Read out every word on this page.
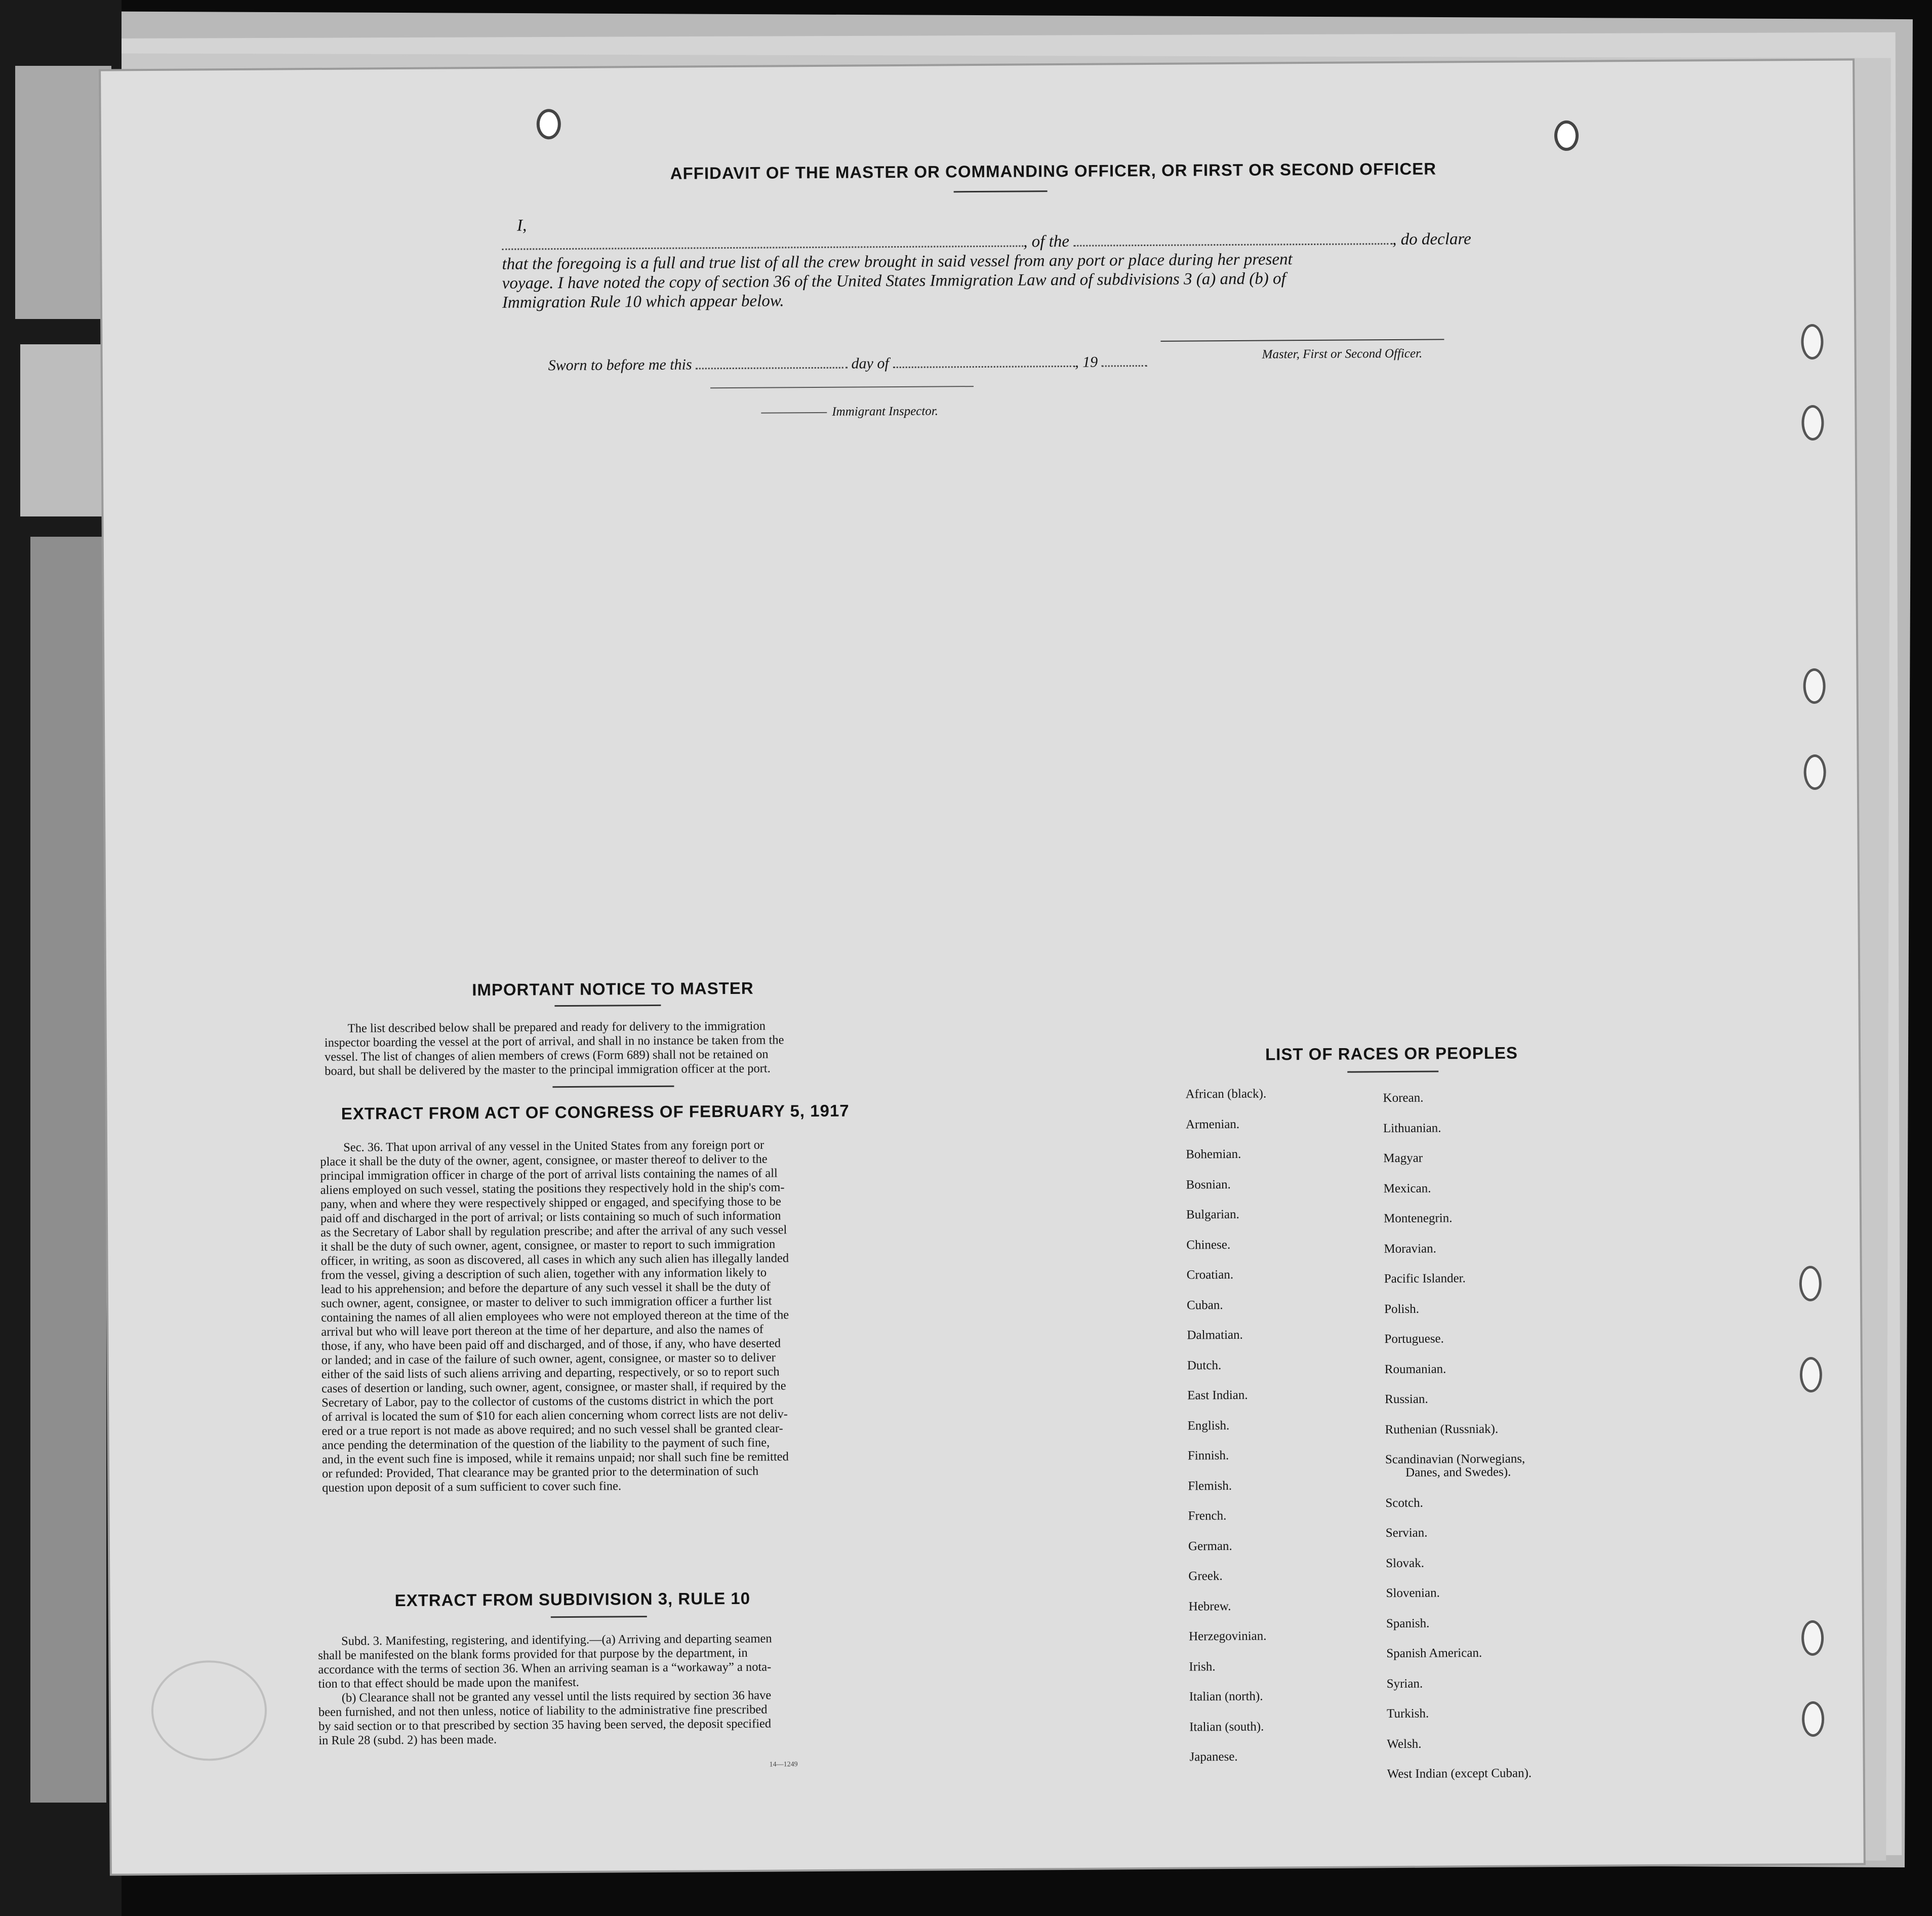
AFFIDAVIT OF THE MASTER OR COMMANDING OFFICER, OR FIRST OR SECOND OFFICER
I,
, of the	, do declare
that the foregoing is a full and true list of all the crew brought in said vessel from any port or place during her present
voyage. I have noted the copy of section 36 of the United States Immigration Law and of subdivisions 3 (a) and (b) of
Immigration Rule 10 which appear below.
Master, First or Second Officer.
Sworn to before me this	day of	, 19
Immigrant Inspector.
IMPORTANT NOTICE TO MASTER
The list described below shall be prepared and ready for delivery to the immigration
inspector boarding the vessel at the port of arrival, and shall in no instance be taken from the
vessel. The list of changes of alien members of crews (Form 689) shall not be retained on
board, but shall be delivered by the master to the principal immigration officer at the port.
EXTRACT FROM ACT OF CONGRESS OF FEBRUARY 5, 1917
Sec. 36. That upon arrival of any vessel in the United States from any foreign port or
place it shall be the duty of the owner, agent, consignee, or master thereof to deliver to the
principal immigration officer in charge of the port of arrival lists containing the names of all
aliens employed on such vessel, stating the positions they respectively hold in the ship's com-
pany, when and where they were respectively shipped or engaged, and specifying those to be
paid off and discharged in the port of arrival; or lists containing so much of such information
as the Secretary of Labor shall by regulation prescribe; and after the arrival of any such vessel
it shall be the duty of such owner, agent, consignee, or master to report to such immigration
officer, in writing, as soon as discovered, all cases in which any such alien has illegally landed
from the vessel, giving a description of such alien, together with any information likely to
lead to his apprehension; and before the departure of any such vessel it shall be the duty of
such owner, agent, consignee, or master to deliver to such immigration officer a further list
containing the names of all alien employees who were not employed thereon at the time of the
arrival but who will leave port thereon at the time of her departure, and also the names of
those, if any, who have been paid off and discharged, and of those, if any, who have deserted
or landed; and in case of the failure of such owner, agent, consignee, or master so to deliver
either of the said lists of such aliens arriving and departing, respectively, or so to report such
cases of desertion or landing, such owner, agent, consignee, or master shall, if required by the
Secretary of Labor, pay to the collector of customs of the customs district in which the port
of arrival is located the sum of $10 for each alien concerning whom correct lists are not deliv-
ered or a true report is not made as above required; and no such vessel shall be granted clear-
ance pending the determination of the question of the liability to the payment of such fine,
and, in the event such fine is imposed, while it remains unpaid; nor shall such fine be remitted
or refunded: Provided, That clearance may be granted prior to the determination of such
question upon deposit of a sum sufficient to cover such fine.
EXTRACT FROM SUBDIVISION 3, RULE 10
Subd. 3. Manifesting, registering, and identifying.—(a) Arriving and departing seamen
shall be manifested on the blank forms provided for that purpose by the department, in
accordance with the terms of section 36. When an arriving seaman is a “workaway” a nota-
tion to that effect should be made upon the manifest.
(b) Clearance shall not be granted any vessel until the lists required by section 36 have
been furnished, and not then unless, notice of liability to the administrative fine prescribed
by said section or to that prescribed by section 35 having been served, the deposit specified
in Rule 28 (subd. 2) has been made.
14—1249
LIST OF RACES OR PEOPLES
African (black).
Armenian.
Bohemian.
Bosnian.
Bulgarian.
Chinese.
Croatian.
Cuban.
Dalmatian.
Dutch.
East Indian.
English.
Finnish.
Flemish.
French.
German.
Greek.
Hebrew.
Herzegovinian.
Irish.
Italian (north).
Italian (south).
Japanese.
Korean.
Lithuanian.
Magyar
Mexican.
Montenegrin.
Moravian.
Pacific Islander.
Polish.
Portuguese.
Roumanian.
Russian.
Ruthenian (Russniak).
Scandinavian (Norwegians,
Danes, and Swedes).
Scotch.
Servian.
Slovak.
Slovenian.
Spanish.
Spanish American.
Syrian.
Turkish.
Welsh.
West Indian (except Cuban).
